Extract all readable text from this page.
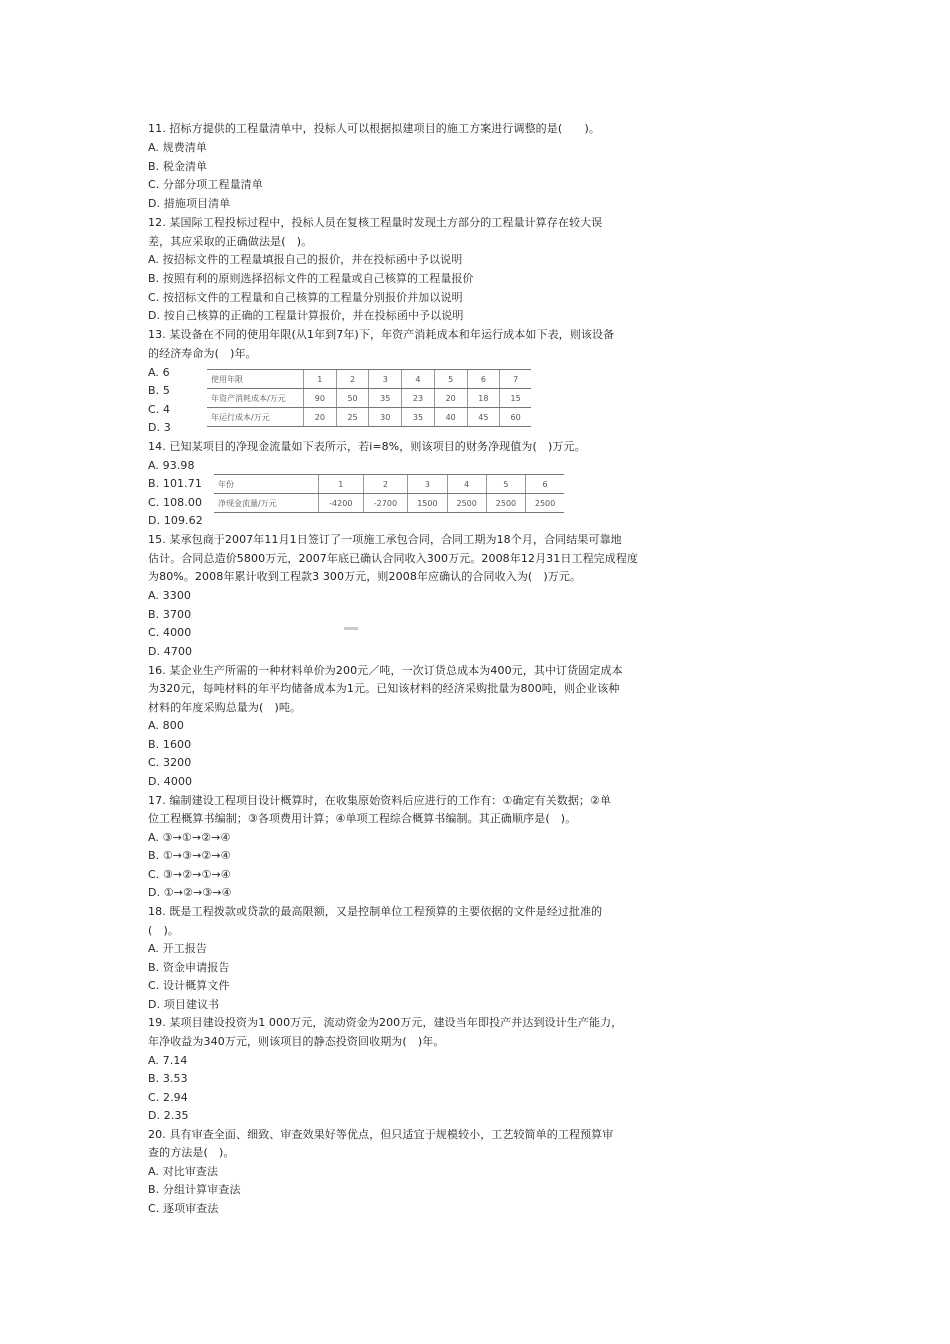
11. 招标方提供的工程量清单中，投标人可以根据拟建项目的施工方案进行调整的是(　　)。
A. 规费清单
B. 税金清单
C. 分部分项工程量清单
D. 措施项目清单
12. 某国际工程投标过程中，投标人员在复核工程量时发现土方部分的工程量计算存在较大误
差，其应采取的正确做法是(　)。
A. 按招标文件的工程量填报自己的报价，并在投标函中予以说明
B. 按照有利的原则选择招标文件的工程量或自己核算的工程量报价
C. 按招标文件的工程量和自己核算的工程量分别报价并加以说明
D. 按自己核算的正确的工程量计算报价，并在投标函中予以说明
13. 某设备在不同的使用年限(从1年到7年)下，年资产消耗成本和年运行成本如下表，则该设备
的经济寿命为(　)年。
A. 6
B. 5
C. 4
D. 3
使用年限	1	2	3	4	5	6	7
年资产消耗成本/万元	90	50	35	23	20	18	15
年运行成本/万元	20	25	30	35	40	45	60
14. 已知某项目的净现金流量如下表所示，若i=8%，则该项目的财务净现值为(　)万元。
A. 93.98
B. 101.71
C. 108.00
D. 109.62
年份	1	2	3	4	5	6
净现金流量/万元	-4200	-2700	1500	2500	2500	2500
15. 某承包商于2007年11月1日签订了一项施工承包合同，合同工期为18个月，合同结果可靠地
估计。合同总造价5800万元，2007年底已确认合同收入300万元。2008年12月31日工程完成程度
为80%。2008年累计收到工程款3 300万元，则2008年应确认的合同收入为(　)万元。
A. 3300
B. 3700
C. 4000
D. 4700
16. 某企业生产所需的一种材料单价为200元／吨，一次订货总成本为400元，其中订货固定成本
为320元，每吨材料的年平均储备成本为1元。已知该材料的经济采购批量为800吨，则企业该种
材料的年度采购总量为(　)吨。
A. 800
B. 1600
C. 3200
D. 4000
17. 编制建设工程项目设计概算时，在收集原始资料后应进行的工作有：①确定有关数据；②单
位工程概算书编制；③各项费用计算；④单项工程综合概算书编制。其正确顺序是(　)。
A. ③→①→②→④
B. ①→③→②→④
C. ③→②→①→④
D. ①→②→③→④
18. 既是工程拨款或贷款的最高限额，又是控制单位工程预算的主要依据的文件是经过批准的
(　)。
A. 开工报告
B. 资金申请报告
C. 设计概算文件
D. 项目建议书
19. 某项目建设投资为1 000万元，流动资金为200万元，建设当年即投产并达到设计生产能力，
年净收益为340万元，则该项目的静态投资回收期为(　)年。
A. 7.14
B. 3.53
C. 2.94
D. 2.35
20. 具有审查全面、细致、审查效果好等优点，但只适宜于规模较小，工艺较简单的工程预算审
查的方法是(　)。
A. 对比审查法
B. 分组计算审查法
C. 逐项审查法
